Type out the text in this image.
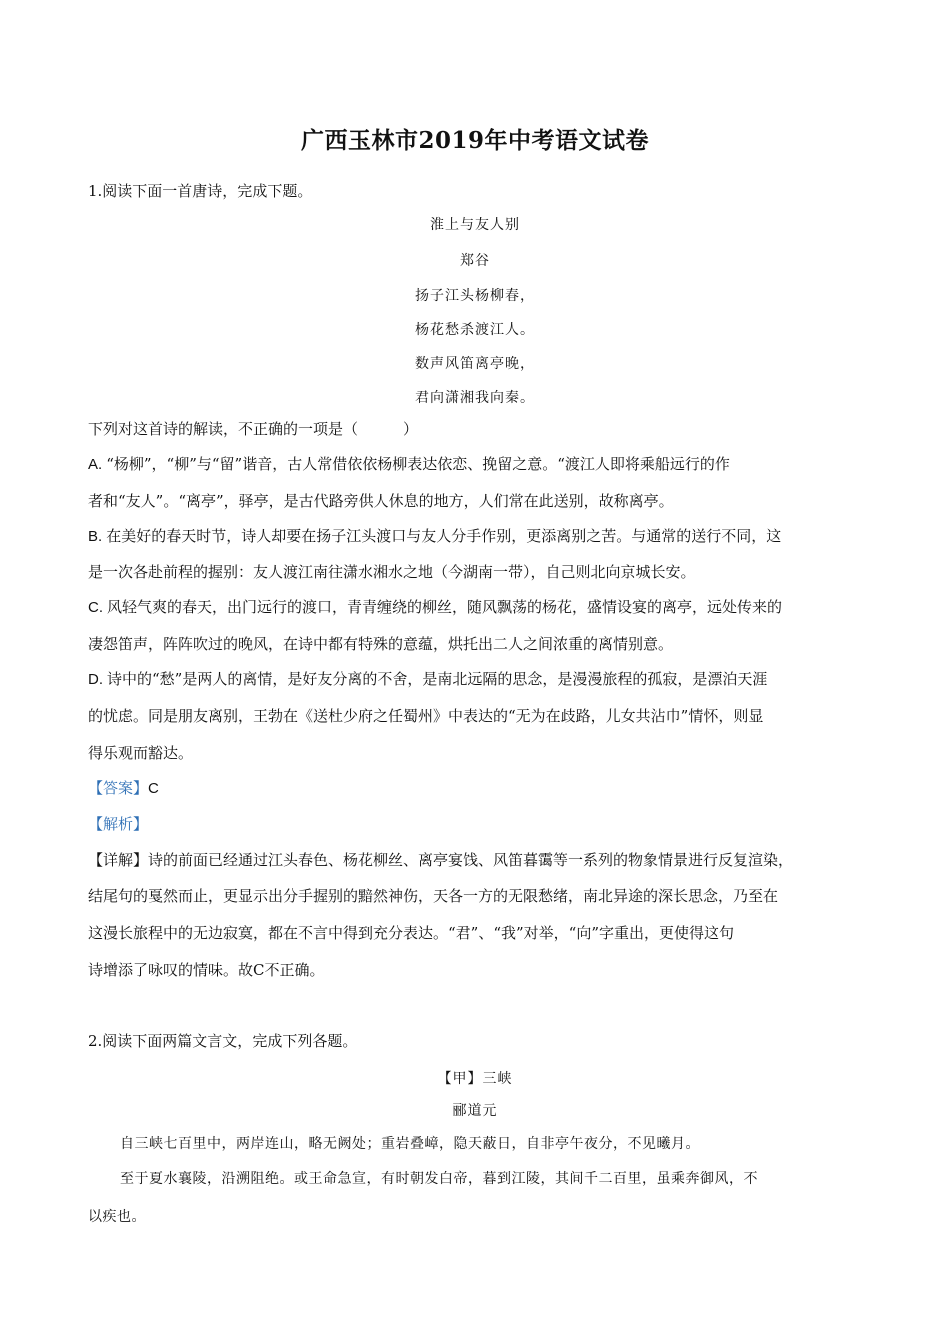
广西玉林市2019年中考语文试卷
1.阅读下面一首唐诗，完成下题。
淮上与友人别
郑谷
扬子江头杨柳春，
杨花愁杀渡江人。
数声风笛离亭晚，
君向潇湘我向秦。
下列对这首诗的解读，不正确的一项是（　　　）
A. “杨柳”，“柳”与“留”谐音，古人常借依依杨柳表达依恋、挽留之意。“渡江人即将乘船远行的作
者和“友人”。“离亭”，驿亭，是古代路旁供人休息的地方，人们常在此送别，故称离亭。
B. 在美好的春天时节，诗人却要在扬子江头渡口与友人分手作别，更添离别之苦。与通常的送行不同，这
是一次各赴前程的握别：友人渡江南往潇水湘水之地（今湖南一带），自己则北向京城长安。
C. 风轻气爽的春天，出门远行的渡口，青青缠绕的柳丝，随风飘荡的杨花，盛情设宴的离亭，远处传来的
凄怨笛声，阵阵吹过的晚风，在诗中都有特殊的意蕴，烘托出二人之间浓重的离情别意。
D. 诗中的“愁”是两人的离情，是好友分离的不舍，是南北远隔的思念，是漫漫旅程的孤寂，是漂泊天涯
的忧虑。同是朋友离别，王勃在《送杜少府之任蜀州》中表达的“无为在歧路，儿女共沾巾”情怀，则显
得乐观而豁达。
【答案】C
【解析】
【详解】诗的前面已经通过江头春色、杨花柳丝、离亭宴饯、风笛暮霭等一系列的物象情景进行反复渲染，
结尾句的戛然而止，更显示出分手握别的黯然神伤，天各一方的无限愁绪，南北异途的深长思念，乃至在
这漫长旅程中的无边寂寞，都在不言中得到充分表达。“君”、“我”对举，“向”字重出，更使得这句
诗增添了咏叹的情味。故C不正确。
2.阅读下面两篇文言文，完成下列各题。
【甲】三峡
郦道元
自三峡七百里中，两岸连山，略无阙处；重岩叠嶂，隐天蔽日，自非亭午夜分，不见曦月。
至于夏水襄陵，沿溯阻绝。或王命急宣，有时朝发白帝，暮到江陵，其间千二百里，虽乘奔御风，不
以疾也。
